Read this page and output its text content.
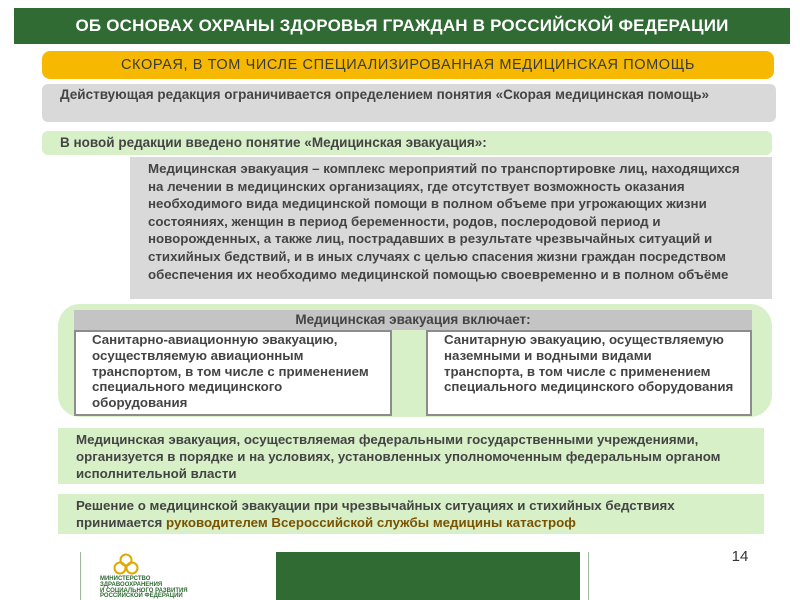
ОБ ОСНОВАХ ОХРАНЫ ЗДОРОВЬЯ ГРАЖДАН В РОССИЙСКОЙ ФЕДЕРАЦИИ
СКОРАЯ, В ТОМ ЧИСЛЕ СПЕЦИАЛИЗИРОВАННАЯ МЕДИЦИНСКАЯ ПОМОЩЬ
Действующая редакция ограничивается определением понятия «Скорая медицинская помощь»
В новой редакции введено понятие «Медицинская эвакуация»:
Медицинская эвакуация – комплекс мероприятий по транспортировке лиц, находящихся на лечении в медицинских организациях, где отсутствует возможность оказания необходимого вида медицинской помощи в полном объеме при угрожающих жизни состояниях, женщин в период беременности, родов, послеродовой период и новорожденных, а также лиц, пострадавших в результате чрезвычайных ситуаций и стихийных бедствий, и в иных случаях с целью спасения жизни граждан посредством обеспечения их необходимо медицинской помощью своевременно и в полном объёме
Медицинская эвакуация включает:
Санитарно-авиационную эвакуацию, осуществляемую авиационным транспортом, в том числе с применением специального медицинского оборудования
Санитарную эвакуацию, осуществляемую наземными и водными видами транспорта, в том числе с применением специального медицинского оборудования
Медицинская эвакуация, осуществляемая федеральными государственными учреждениями, организуется в порядке и на условиях, установленных уполномоченным федеральным органом исполнительной власти
Решение о медицинской эвакуации при чрезвычайных ситуациях и стихийных бедствиях принимается руководителем Всероссийской службы медицины катастроф
МИНИСТЕРСТВО
ЗДРАВООХРАНЕНИЯ
И СОЦИАЛЬНОГО РАЗВИТИЯ
РОССИЙСКОЙ ФЕДЕРАЦИИ
14
